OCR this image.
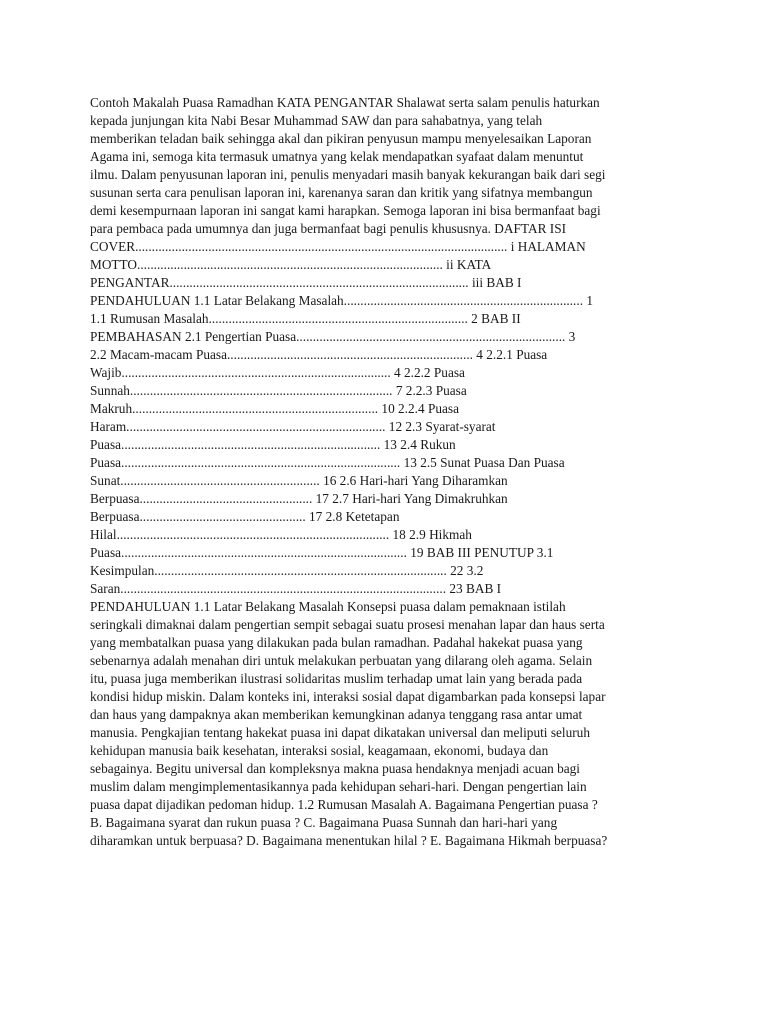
Contoh Makalah Puasa Ramadhan KATA PENGANTAR Shalawat serta salam penulis haturkan
kepada junjungan kita Nabi Besar Muhammad SAW dan para sahabatnya, yang telah
memberikan teladan baik sehingga akal dan pikiran penyusun mampu menyelesaikan Laporan
Agama ini, semoga kita termasuk umatnya yang kelak mendapatkan syafaat dalam menuntut
ilmu. Dalam penyusunan laporan ini, penulis menyadari masih banyak kekurangan baik dari segi
susunan serta cara penulisan laporan ini, karenanya saran dan kritik yang sifatnya membangun
demi kesempurnaan laporan ini sangat kami harapkan. Semoga laporan ini bisa bermanfaat bagi
para pembaca pada umumnya dan juga bermanfaat bagi penulis khususnya. DAFTAR ISI
COVER................................................................................................................ i HALAMAN
MOTTO............................................................................................ ii KATA
PENGANTAR.......................................................................................... iii BAB I
PENDAHULUAN 1.1 Latar Belakang Masalah........................................................................ 1
1.1 Rumusan Masalah.............................................................................. 2 BAB II
PEMBAHASAN 2.1 Pengertian Puasa................................................................................. 3
2.2 Macam-macam Puasa.......................................................................... 4 2.2.1 Puasa
Wajib................................................................................. 4 2.2.2 Puasa
Sunnah............................................................................... 7 2.2.3 Puasa
Makruh.......................................................................... 10 2.2.4 Puasa
Haram.............................................................................. 12 2.3 Syarat-syarat
Puasa.............................................................................. 13 2.4 Rukun
Puasa.................................................................................... 13 2.5 Sunat Puasa Dan Puasa
Sunat............................................................ 16 2.6 Hari-hari Yang Diharamkan
Berpuasa.................................................... 17 2.7 Hari-hari Yang Dimakruhkan
Berpuasa.................................................. 17 2.8 Ketetapan
Hilal.................................................................................. 18 2.9 Hikmah
Puasa...................................................................................... 19 BAB III PENUTUP 3.1
Kesimpulan........................................................................................ 22 3.2
Saran.................................................................................................. 23 BAB I
PENDAHULUAN 1.1 Latar Belakang Masalah Konsepsi puasa dalam pemaknaan istilah
seringkali dimaknai dalam pengertian sempit sebagai suatu prosesi menahan lapar dan haus serta
yang membatalkan puasa yang dilakukan pada bulan ramadhan. Padahal hakekat puasa yang
sebenarnya adalah menahan diri untuk melakukan perbuatan yang dilarang oleh agama. Selain
itu, puasa juga memberikan ilustrasi solidaritas muslim terhadap umat lain yang berada pada
kondisi hidup miskin. Dalam konteks ini, interaksi sosial dapat digambarkan pada konsepsi lapar
dan haus yang dampaknya akan memberikan kemungkinan adanya tenggang rasa antar umat
manusia. Pengkajian tentang hakekat puasa ini dapat dikatakan universal dan meliputi seluruh
kehidupan manusia baik kesehatan, interaksi sosial, keagamaan, ekonomi, budaya dan
sebagainya. Begitu universal dan kompleksnya makna puasa hendaknya menjadi acuan bagi
muslim dalam mengimplementasikannya pada kehidupan sehari-hari. Dengan pengertian lain
puasa dapat dijadikan pedoman hidup. 1.2 Rumusan Masalah A. Bagaimana Pengertian puasa ?
B. Bagaimana syarat dan rukun puasa ? C. Bagaimana Puasa Sunnah dan hari-hari yang
diharamkan untuk berpuasa? D. Bagaimana menentukan hilal ? E. Bagaimana Hikmah berpuasa?
